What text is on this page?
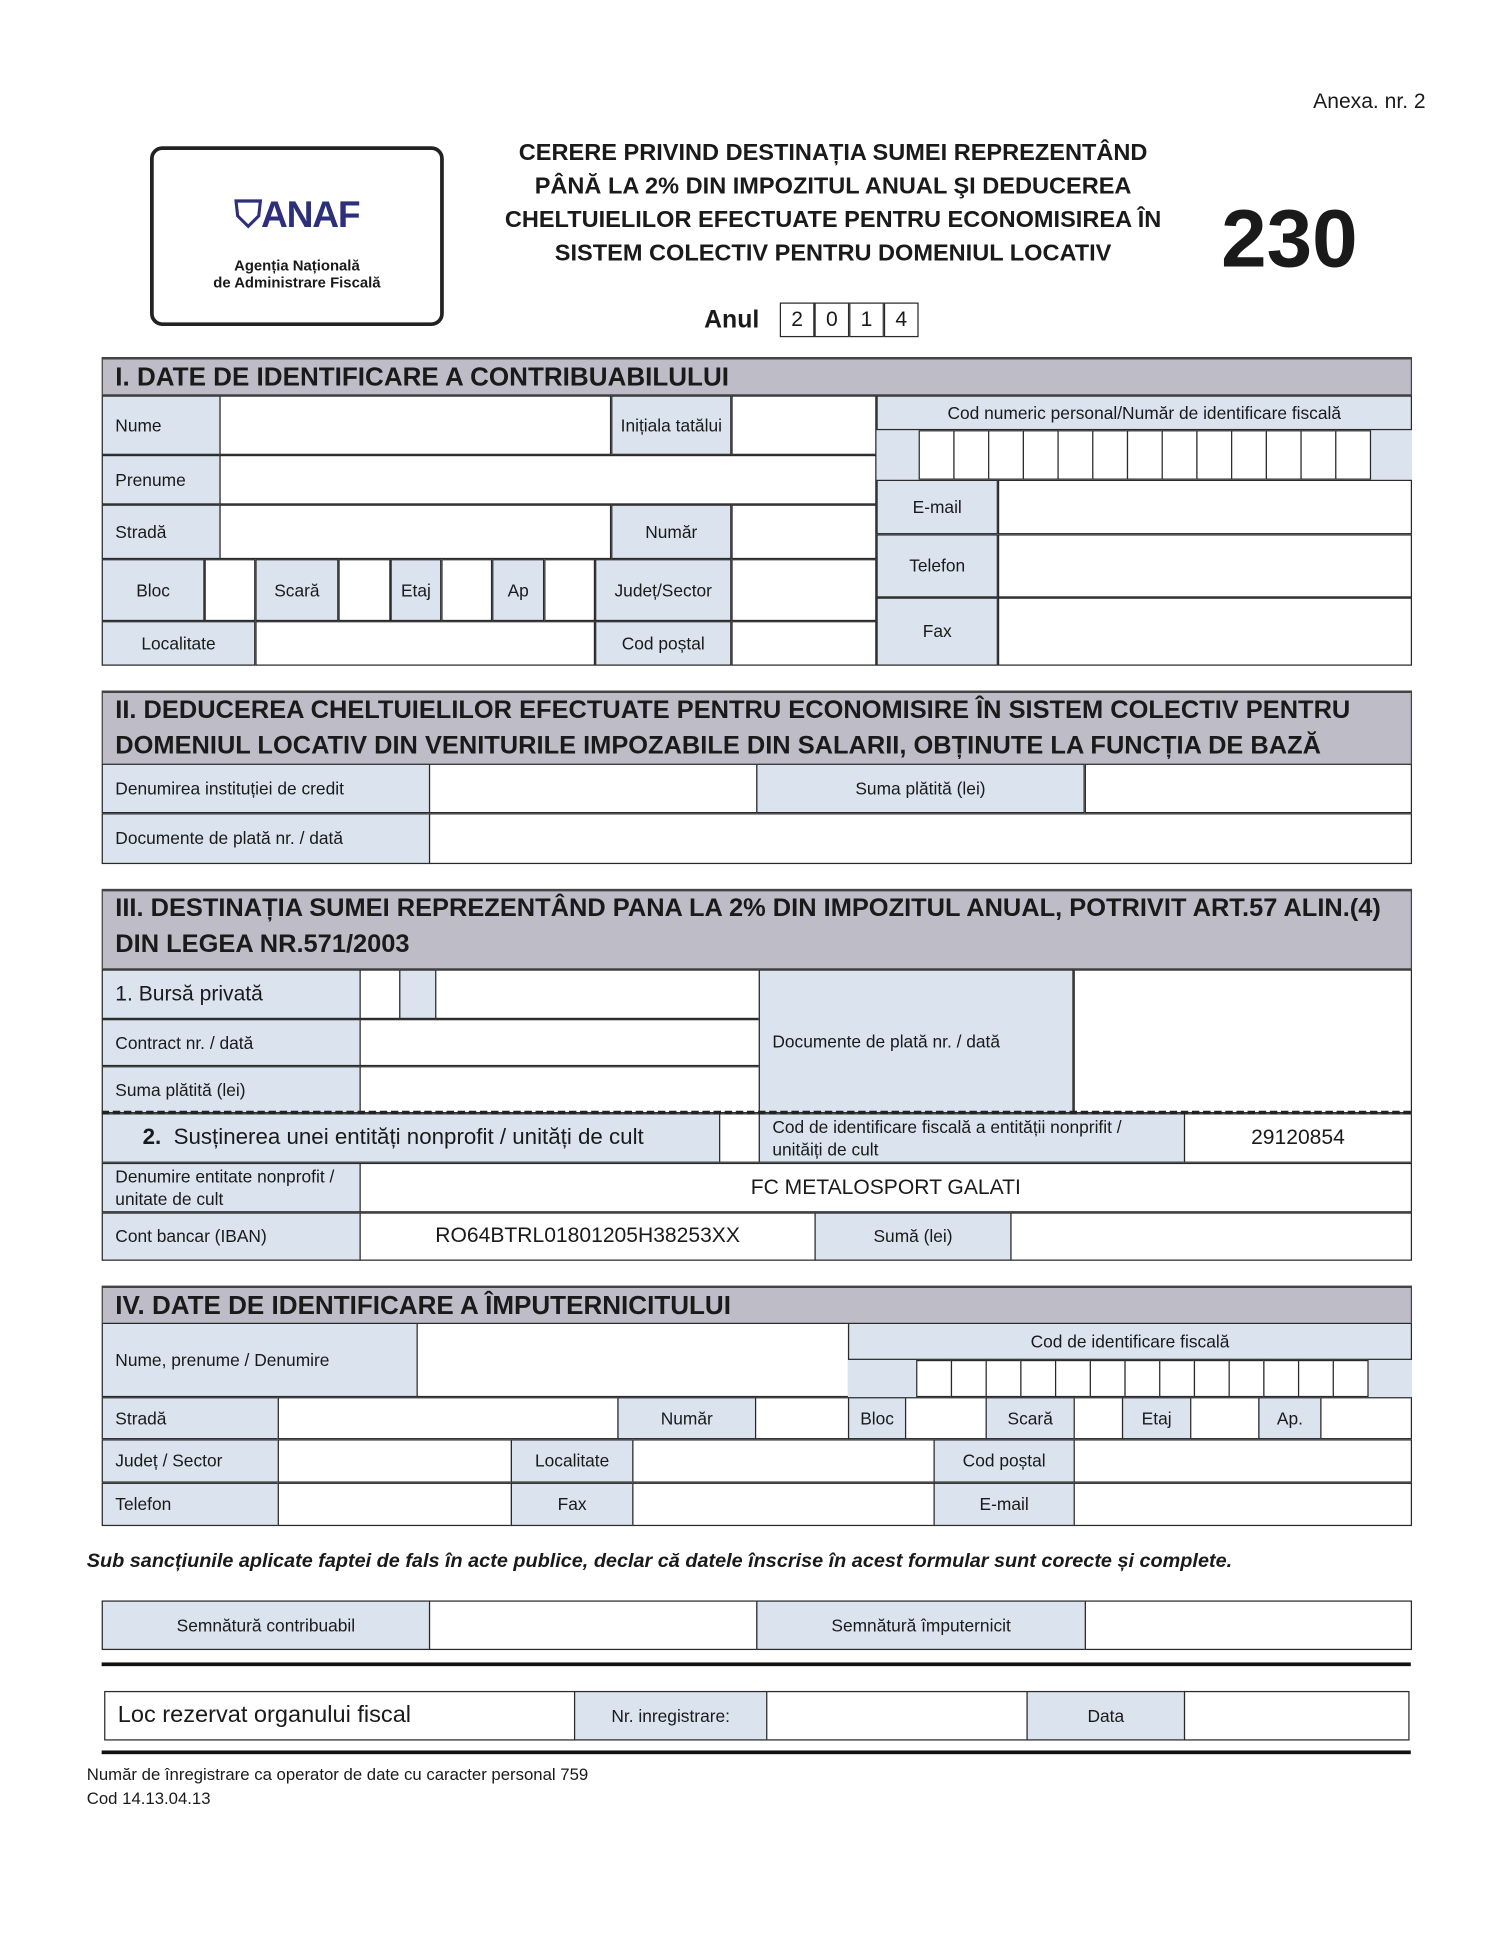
Anexa. nr. 2
⛉ANAF
Agenția Națională
de Administrare Fiscală
CERERE PRIVIND DESTINAȚIA SUMEI REPREZENTÂND
PÂNĂ LA 2% DIN IMPOZITUL ANUAL ŞI DEDUCEREA
CHELTUIELILOR EFECTUATE PENTRU ECONOMISIREA ÎN
SISTEM COLECTIV PENTRU DOMENIUL LOCATIV	230
Anul	2	0	1	4
I. DATE DE IDENTIFICARE A CONTRIBUABILULUI
Nume	Inițiala tatălui
Cod numeric personal/Număr de identificare fiscală
Prenume
Stradă	Număr
E-mail
Telefon
Fax
Bloc	Scară	Etaj	Ap	Județ/Sector
Localitate	Cod poștal
II. DEDUCEREA CHELTUIELILOR EFECTUATE PENTRU ECONOMISIRE ÎN SISTEM COLECTIV PENTRU DOMENIUL LOCATIV DIN VENITURILE IMPOZABILE DIN SALARII, OBȚINUTE LA FUNCȚIA DE BAZĂ
Denumirea instituției de credit	Suma plătită (lei)
Documente de plată nr. / dată
III. DESTINAȚIA SUMEI REPREZENTÂND PANA LA 2% DIN IMPOZITUL ANUAL, POTRIVIT ART.57 ALIN.(4) DIN LEGEA NR.571/2003
1. Bursă privată
Contract nr. / dată
Suma plătită (lei)
Documente de plată nr. / dată
2.
Susținerea unei entități nonprofit / unități de cult	Cod de identificare fiscală a entității nonprifit / unităiți de cult
29120854
Denumire entitate nonprofit / unitate de cult
FC METALOSPORT GALATI
Cont bancar (IBAN)	RO64BTRL01801205H38253XX	Sumă (lei)
IV. DATE DE IDENTIFICARE A ÎMPUTERNICITULUI
Nume, prenume / Denumire
Cod de identificare fiscală
Stradă	Număr	Bloc	Scară	Etaj	Ap.
Județ / Sector	Localitate	Cod poștal
Telefon	Fax	E-mail
Semnătură contribuabil	Semnătură împuternicit
Loc rezervat organului fiscal	Nr. inregistrare:	Data
Sub sancțiunile aplicate faptei de fals în acte publice, declar că datele înscrise în acest formular sunt corecte și complete.
Număr de înregistrare ca operator de date cu caracter personal 759
Cod 14.13.04.13
